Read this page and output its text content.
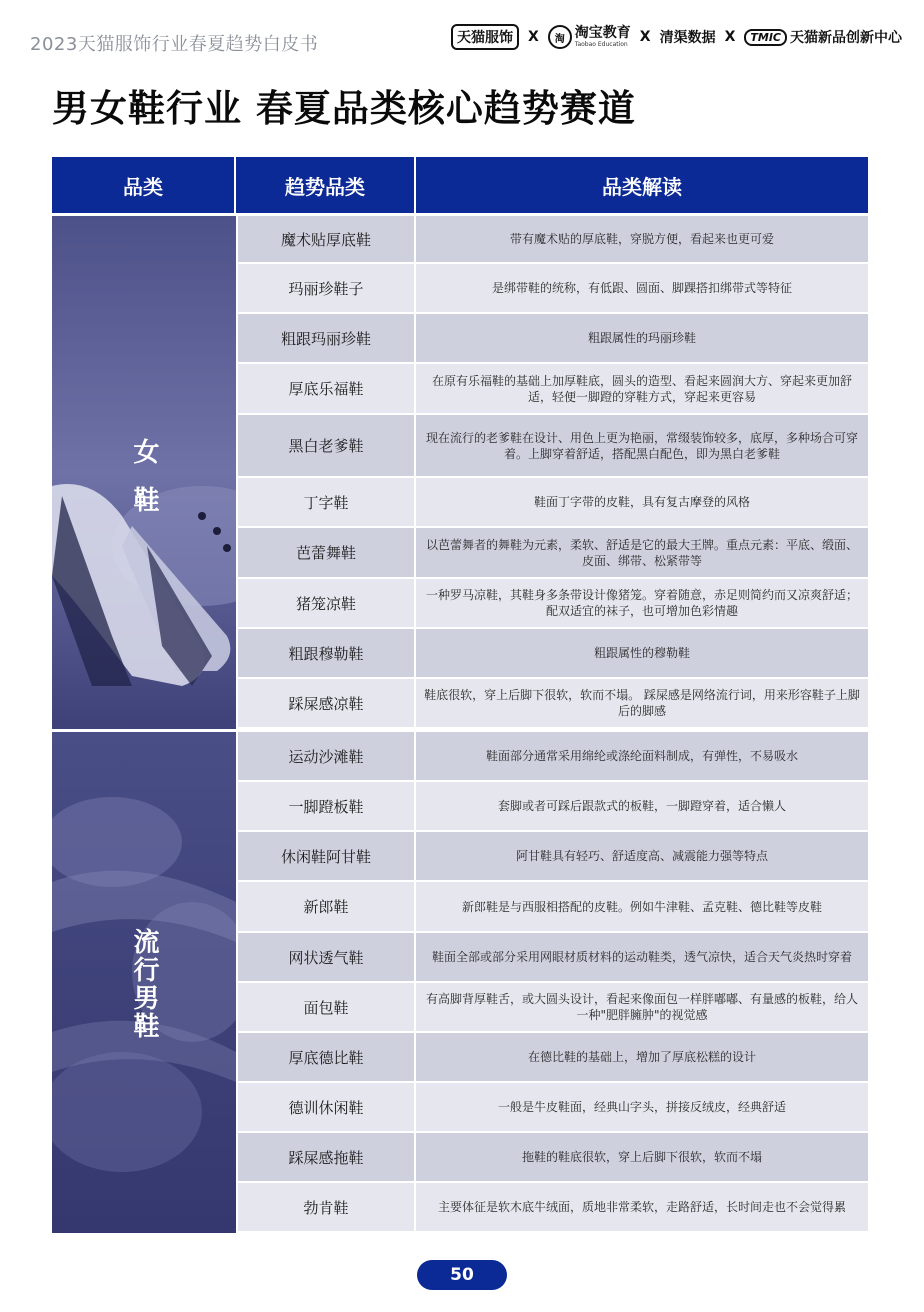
2023天猫服饰行业春夏趋势白皮书	天猫服饰	X	淘 淘宝教育
Taobao Education X 清渠数据 X	TMIC 天猫新品创新中心
男女鞋行业 春夏品类核心趋势赛道
品类	趋势品类	品类解读
女鞋
魔术贴厚底鞋	带有魔术贴的厚底鞋，穿脱方便，看起来也更可爱
玛丽珍鞋子	是绑带鞋的统称，有低跟、圆面、脚踝搭扣绑带式等特征
粗跟玛丽珍鞋	粗跟属性的玛丽珍鞋
厚底乐福鞋	在原有乐福鞋的基础上加厚鞋底，圆头的造型、看起来圆润大方、穿起来更加舒适，轻便一脚蹬的穿鞋方式，穿起来更容易
黑白老爹鞋	现在流行的老爹鞋在设计、用色上更为艳丽，常缀装饰较多，底厚，多种场合可穿着。上脚穿着舒适，搭配黑白配色，即为黑白老爹鞋
丁字鞋	鞋面丁字带的皮鞋，具有复古摩登的风格
芭蕾舞鞋	以芭蕾舞者的舞鞋为元素，柔软、舒适是它的最大王牌。重点元素：平底、缎面、皮面、绑带、松紧带等
猪笼凉鞋	一种罗马凉鞋，其鞋身多条带设计像猪笼。穿着随意，赤足则简约而又凉爽舒适；配双适宜的袜子，也可增加色彩情趣
粗跟穆勒鞋	粗跟属性的穆勒鞋
踩屎感凉鞋	鞋底很软，穿上后脚下很软，软而不塌。 踩屎感是网络流行词，用来形容鞋子上脚后的脚感
流行男鞋
运动沙滩鞋	鞋面部分通常采用绵纶或涤纶面料制成，有弹性，不易吸水
一脚蹬板鞋	套脚或者可踩后跟款式的板鞋，一脚蹬穿着，适合懒人
休闲鞋阿甘鞋	阿甘鞋具有轻巧、舒适度高、减震能力强等特点
新郎鞋	新郎鞋是与西服相搭配的皮鞋。例如牛津鞋、孟克鞋、德比鞋等皮鞋
网状透气鞋	鞋面全部或部分采用网眼材质材料的运动鞋类，透气凉快，适合天气炎热时穿着
面包鞋	有高脚背厚鞋舌，或大圆头设计，看起来像面包一样胖嘟嘟、有量感的板鞋，给人一种"肥胖臃肿"的视觉感
厚底德比鞋	在德比鞋的基础上，增加了厚底松糕的设计
德训休闲鞋	一般是牛皮鞋面，经典山字头，拼接反绒皮，经典舒适
踩屎感拖鞋	拖鞋的鞋底很软，穿上后脚下很软，软而不塌
勃肯鞋	主要体征是软木底牛绒面，质地非常柔软，走路舒适，长时间走也不会觉得累
50
